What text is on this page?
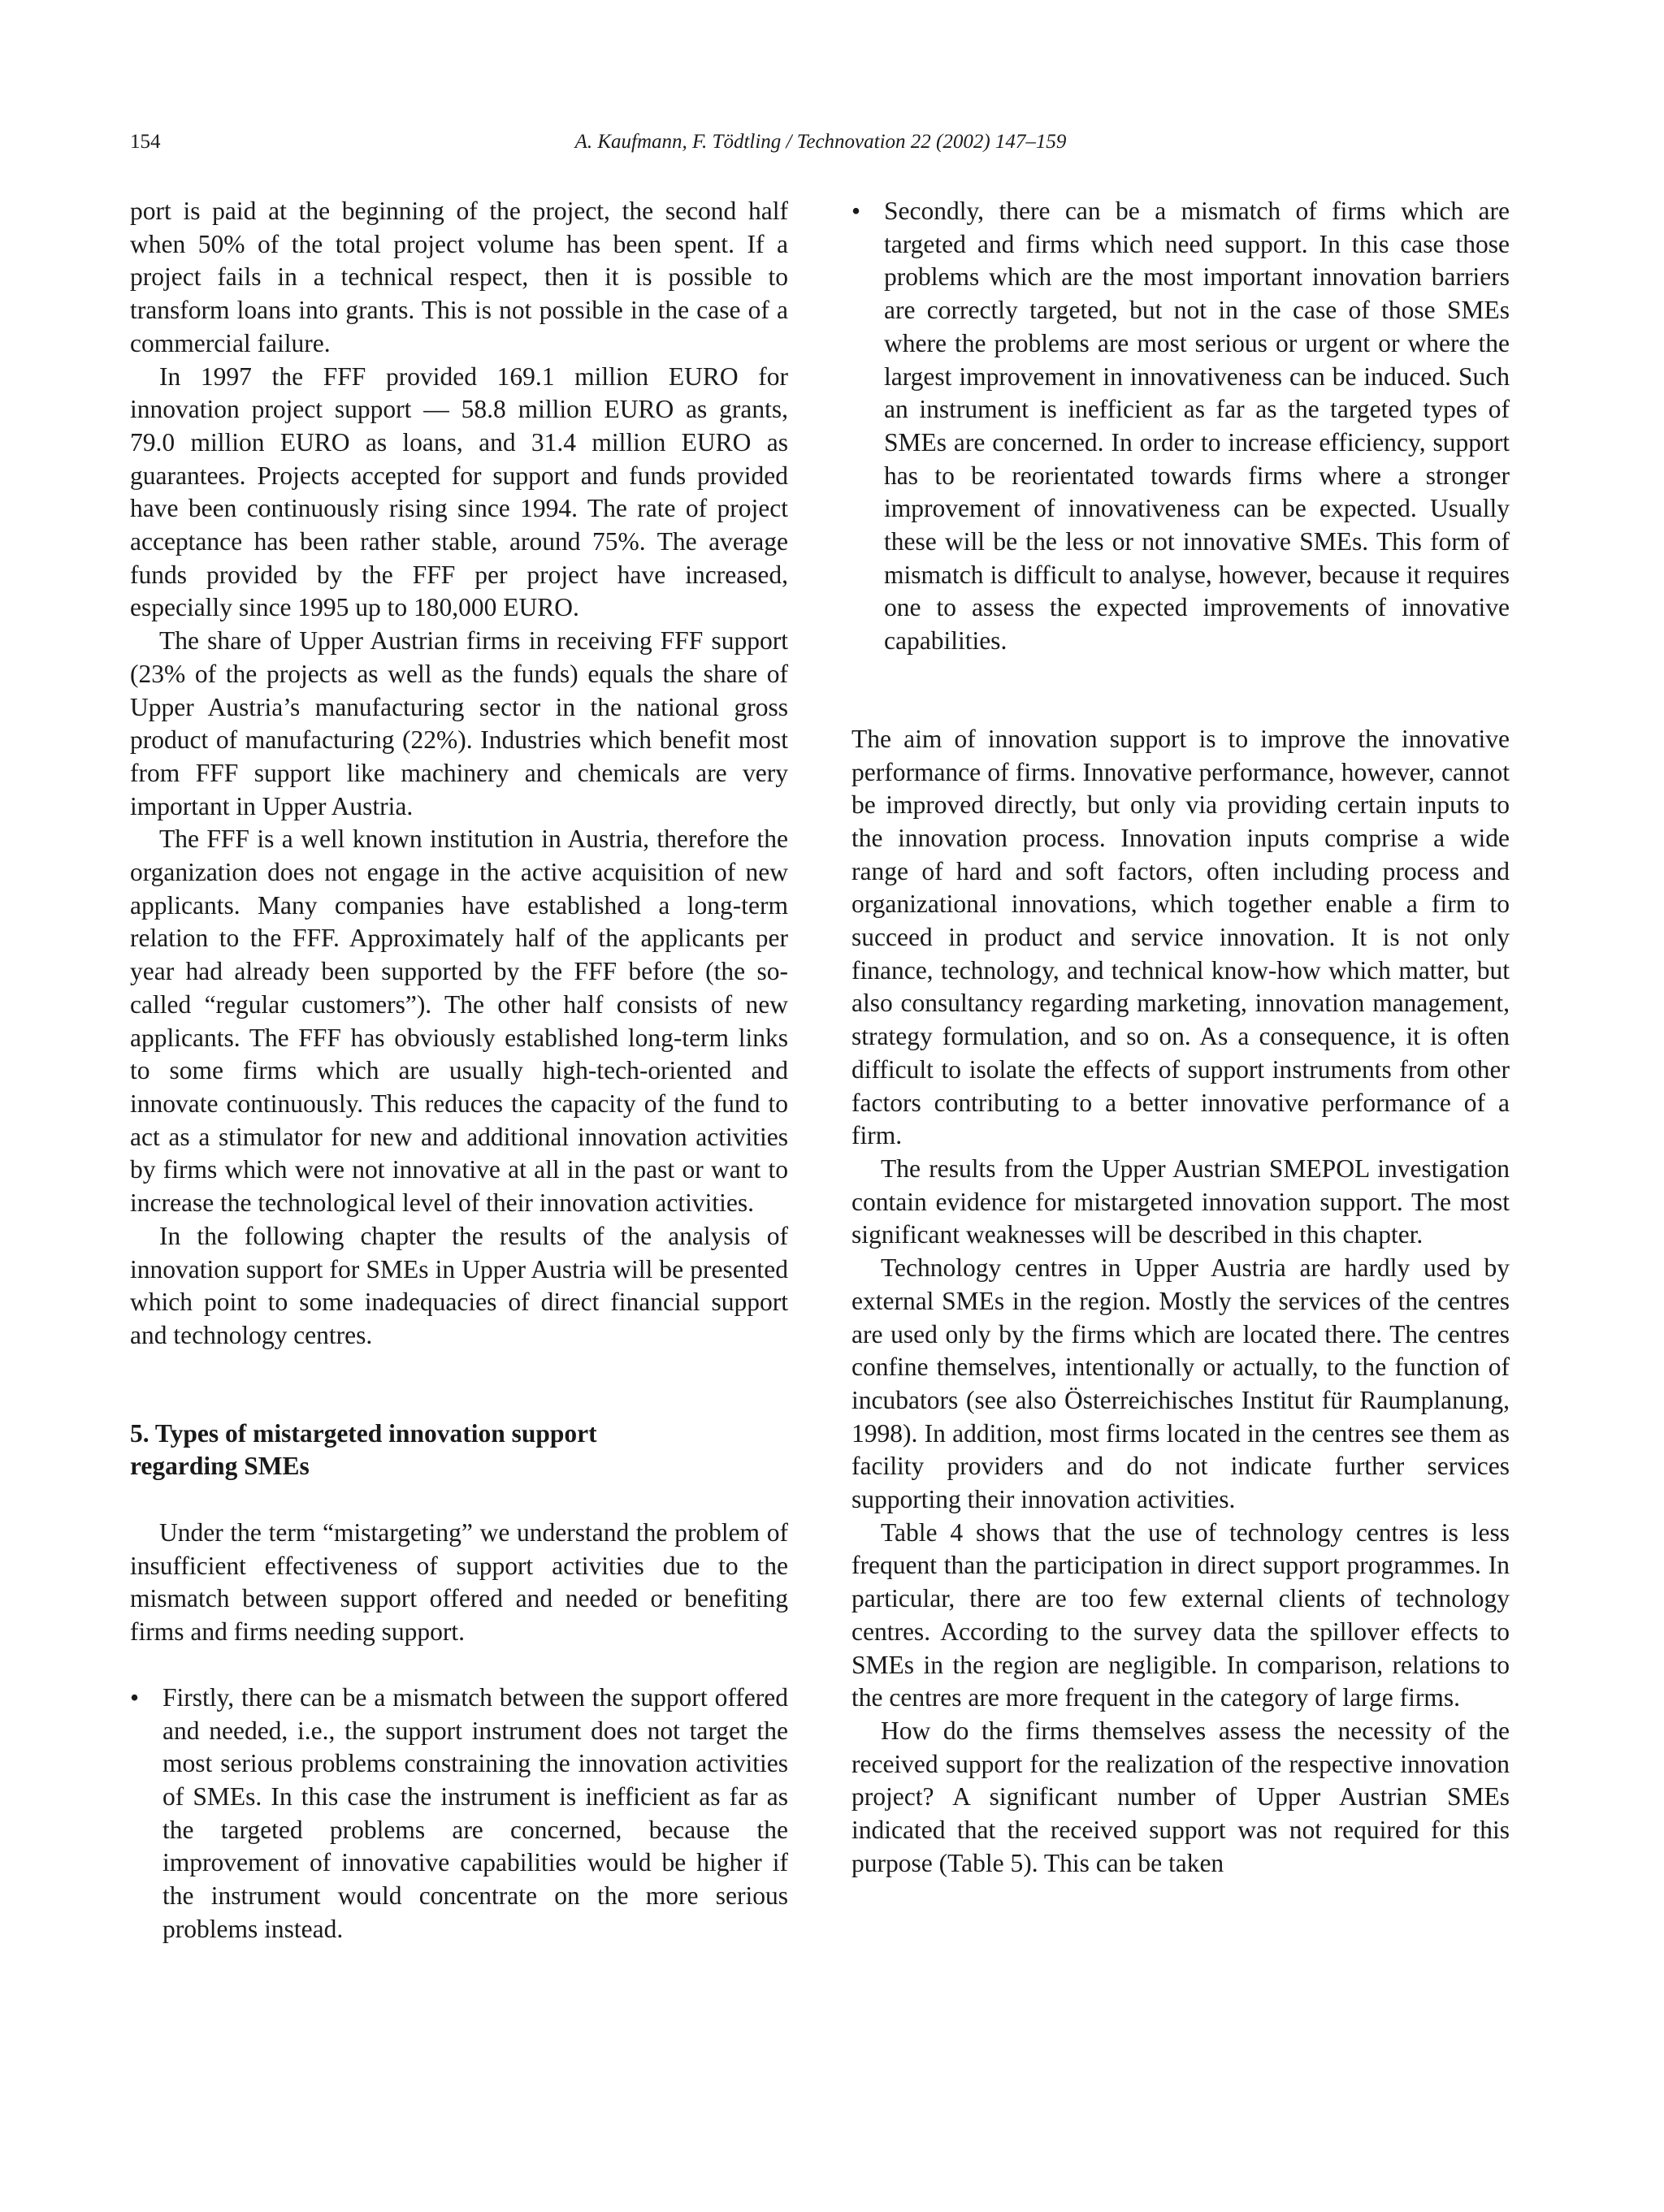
154	A. Kaufmann, F. Tödtling / Technovation 22 (2002) 147–159

port is paid at the beginning of the project, the second half when 50% of the total project volume has been spent. If a project fails in a technical respect, then it is possible to transform loans into grants. This is not possible in the case of a commercial failure.

In 1997 the FFF provided 169.1 million EURO for innovation project support — 58.8 million EURO as grants, 79.0 million EURO as loans, and 31.4 million EURO as guarantees. Projects accepted for support and funds provided have been continuously rising since 1994. The rate of project acceptance has been rather stable, around 75%. The average funds provided by the FFF per project have increased, especially since 1995 up to 180,000 EURO.

The share of Upper Austrian firms in receiving FFF support (23% of the projects as well as the funds) equals the share of Upper Austria’s manufacturing sector in the national gross product of manufacturing (22%). Industries which benefit most from FFF support like machinery and chemicals are very important in Upper Austria.

The FFF is a well known institution in Austria, therefore the organization does not engage in the active acquisition of new applicants. Many companies have established a long-term relation to the FFF. Approximately half of the applicants per year had already been supported by the FFF before (the so-called “regular customers”). The other half consists of new applicants. The FFF has obviously established long-term links to some firms which are usually high-tech-oriented and innovate continuously. This reduces the capacity of the fund to act as a stimulator for new and additional innovation activities by firms which were not innovative at all in the past or want to increase the technological level of their innovation activities.

In the following chapter the results of the analysis of innovation support for SMEs in Upper Austria will be presented which point to some inadequacies of direct financial support and technology centres.

5. Types of mistargeted innovation support regarding SMEs

Under the term “mistargeting” we understand the problem of insufficient effectiveness of support activities due to the mismatch between support offered and needed or benefiting firms and firms needing support.

• Firstly, there can be a mismatch between the support offered and needed, i.e., the support instrument does not target the most serious problems constraining the innovation activities of SMEs. In this case the instrument is inefficient as far as the targeted problems are concerned, because the improvement of innovative capabilities would be higher if the instrument would concentrate on the more serious problems instead.
• Secondly, there can be a mismatch of firms which are targeted and firms which need support. In this case those problems which are the most important innovation barriers are correctly targeted, but not in the case of those SMEs where the problems are most serious or urgent or where the largest improvement in innovativeness can be induced. Such an instrument is inefficient as far as the targeted types of SMEs are concerned. In order to increase efficiency, support has to be reorientated towards firms where a stronger improvement of innovativeness can be expected. Usually these will be the less or not innovative SMEs. This form of mismatch is difficult to analyse, however, because it requires one to assess the expected improvements of innovative capabilities.

The aim of innovation support is to improve the innovative performance of firms. Innovative performance, however, cannot be improved directly, but only via providing certain inputs to the innovation process. Innovation inputs comprise a wide range of hard and soft factors, often including process and organizational innovations, which together enable a firm to succeed in product and service innovation. It is not only finance, technology, and technical know-how which matter, but also consultancy regarding marketing, innovation management, strategy formulation, and so on. As a consequence, it is often difficult to isolate the effects of support instruments from other factors contributing to a better innovative performance of a firm.

The results from the Upper Austrian SMEPOL investigation contain evidence for mistargeted innovation support. The most significant weaknesses will be described in this chapter.

Technology centres in Upper Austria are hardly used by external SMEs in the region. Mostly the services of the centres are used only by the firms which are located there. The centres confine themselves, intentionally or actually, to the function of incubators (see also Österreichisches Institut für Raumplanung, 1998). In addition, most firms located in the centres see them as facility providers and do not indicate further services supporting their innovation activities.

Table 4 shows that the use of technology centres is less frequent than the participation in direct support programmes. In particular, there are too few external clients of technology centres. According to the survey data the spillover effects to SMEs in the region are negligible. In comparison, relations to the centres are more frequent in the category of large firms.

How do the firms themselves assess the necessity of the received support for the realization of the respective innovation project? A significant number of Upper Austrian SMEs indicated that the received support was not required for this purpose (Table 5). This can be taken
